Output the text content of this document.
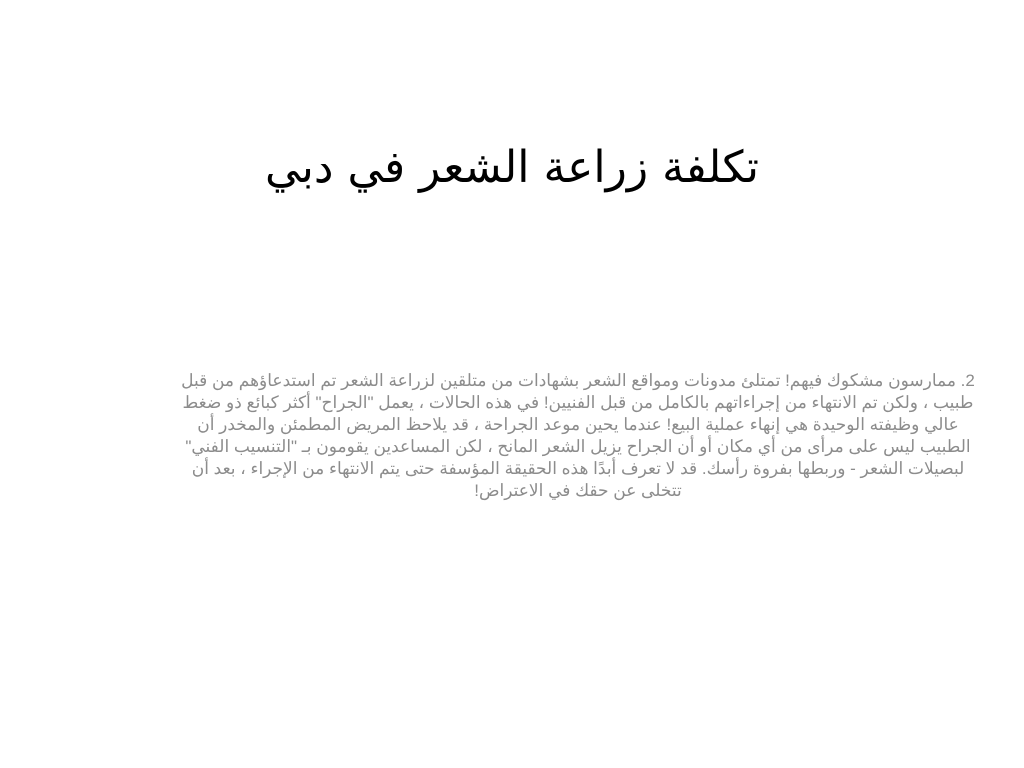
تكلفة زراعة الشعر في دبي
2. ممارسون مشكوك فيهم! تمتلئ مدونات ومواقع الشعر بشهادات من متلقين لزراعة الشعر تم استدعاؤهم من قبل طبيب ، ولكن تم الانتهاء من إجراءاتهم بالكامل من قبل الفنيين! في هذه الحالات ، يعمل "الجراح" أكثر كبائع ذو ضغط عالي وظيفته الوحيدة هي إنهاء عملية البيع! عندما يحين موعد الجراحة ، قد يلاحظ المريض المطمئن والمخدر أن الطبيب ليس على مرأى من أي مكان أو أن الجراح يزيل الشعر المانح ، لكن المساعدين يقومون بـ "التنسيب الفني" لبصيلات الشعر - وربطها بفروة رأسك. قد لا تعرف أبدًا هذه الحقيقة المؤسفة حتى يتم الانتهاء من الإجراء ، بعد أن تتخلى عن حقك في الاعتراض!
